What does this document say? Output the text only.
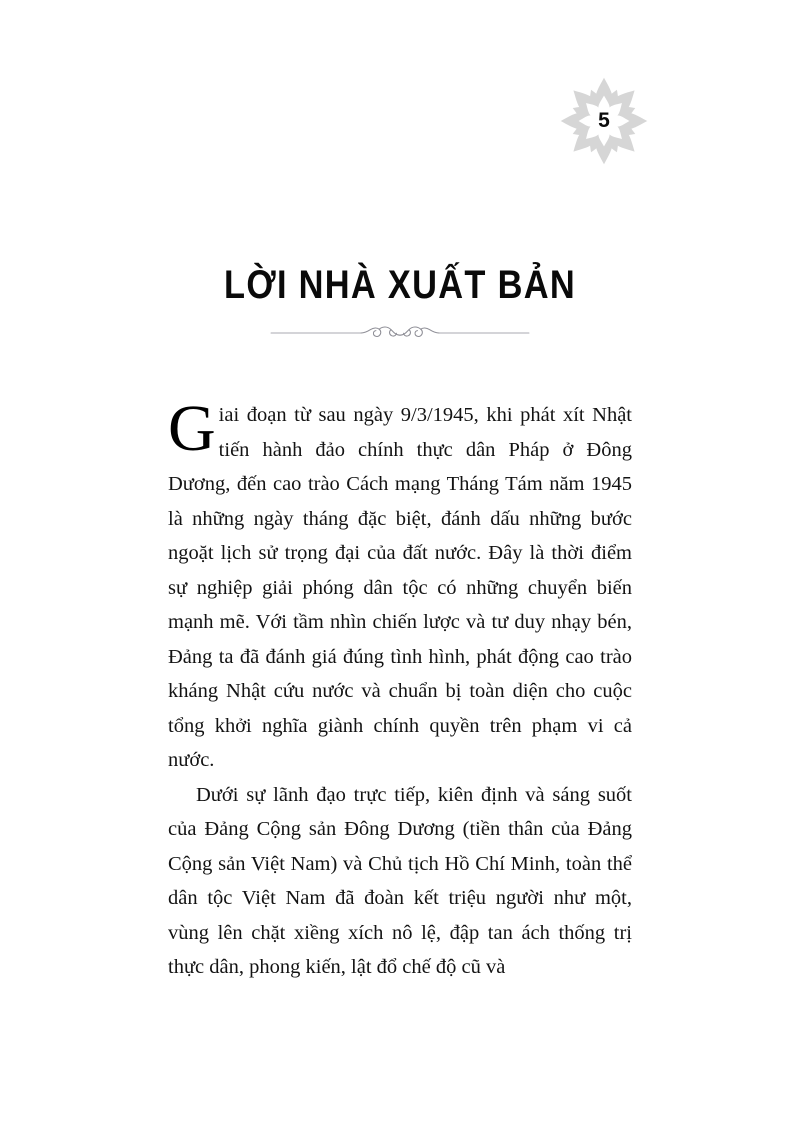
5
LỜI NHÀ XUẤT BẢN

Giai đoạn từ sau ngày 9/3/1945, khi phát xít Nhật tiến hành đảo chính thực dân Pháp ở Đông Dương, đến cao trào Cách mạng Tháng Tám năm 1945 là những ngày tháng đặc biệt, đánh dấu những bước ngoặt lịch sử trọng đại của đất nước. Đây là thời điểm sự nghiệp giải phóng dân tộc có những chuyển biến mạnh mẽ. Với tầm nhìn chiến lược và tư duy nhạy bén, Đảng ta đã đánh giá đúng tình hình, phát động cao trào kháng Nhật cứu nước và chuẩn bị toàn diện cho cuộc tổng khởi nghĩa giành chính quyền trên phạm vi cả nước.

Dưới sự lãnh đạo trực tiếp, kiên định và sáng suốt của Đảng Cộng sản Đông Dương (tiền thân của Đảng Cộng sản Việt Nam) và Chủ tịch Hồ Chí Minh, toàn thể dân tộc Việt Nam đã đoàn kết triệu người như một, vùng lên chặt xiềng xích nô lệ, đập tan ách thống trị thực dân, phong kiến, lật đổ chế độ cũ và
